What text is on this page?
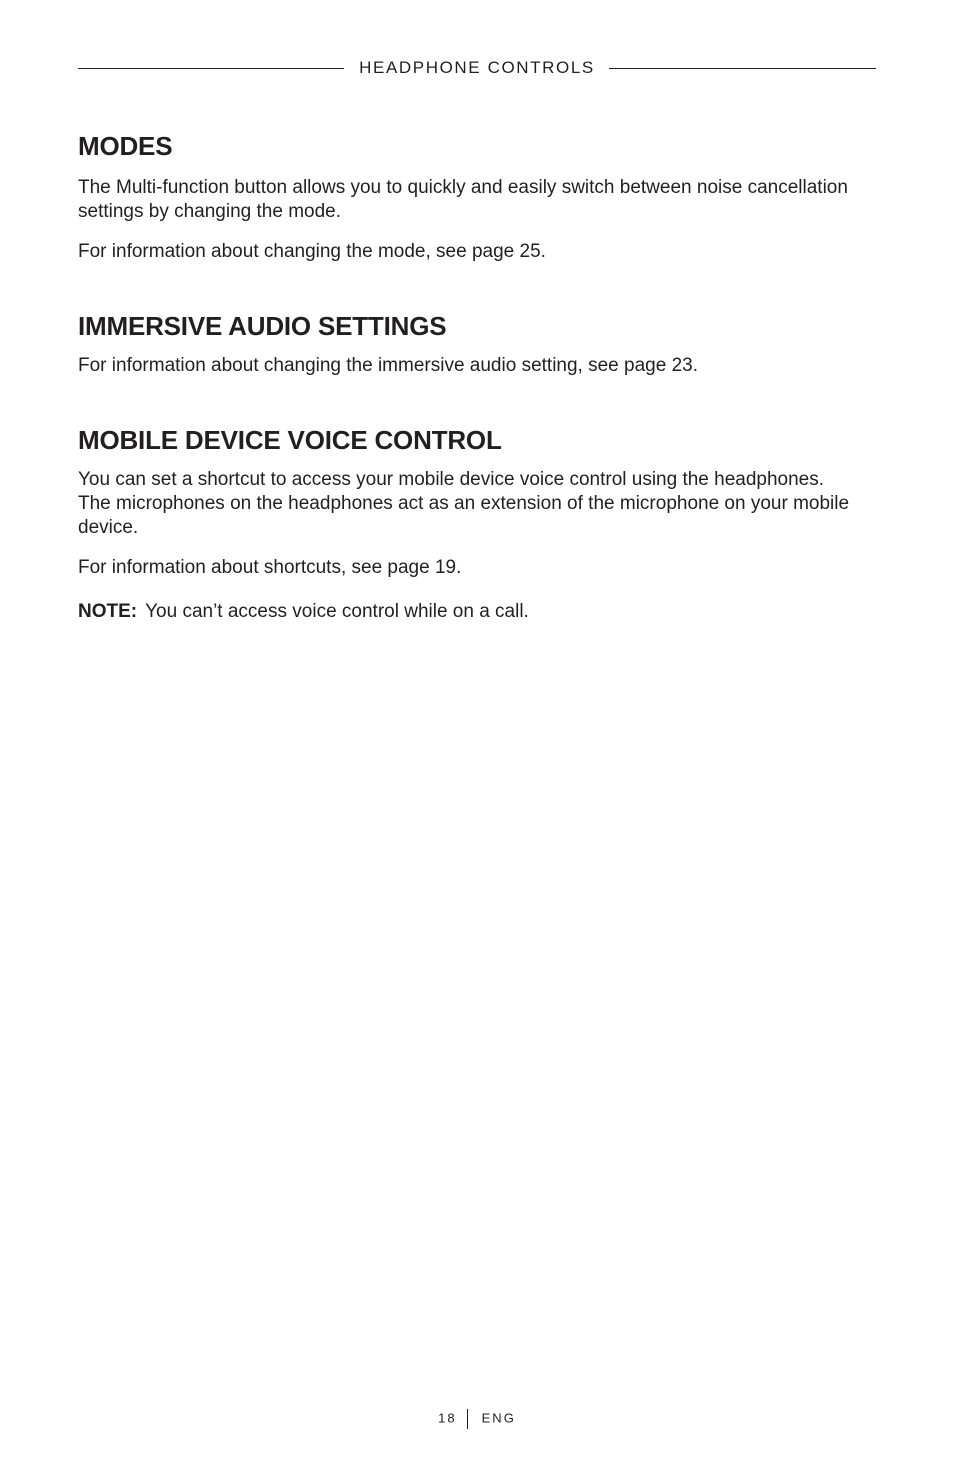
HEADPHONE CONTROLS
MODES

The Multi-function button allows you to quickly and easily switch between noise cancellation settings by changing the mode.

For information about changing the mode, see page 25.

IMMERSIVE AUDIO SETTINGS

For information about changing the immersive audio setting, see page 23.

MOBILE DEVICE VOICE CONTROL

You can set a shortcut to access your mobile device voice control using the headphones. The microphones on the headphones act as an extension of the microphone on your mobile device.

For information about shortcuts, see page 19.

NOTE: You can’t access voice control while on a call.

18 ENG
